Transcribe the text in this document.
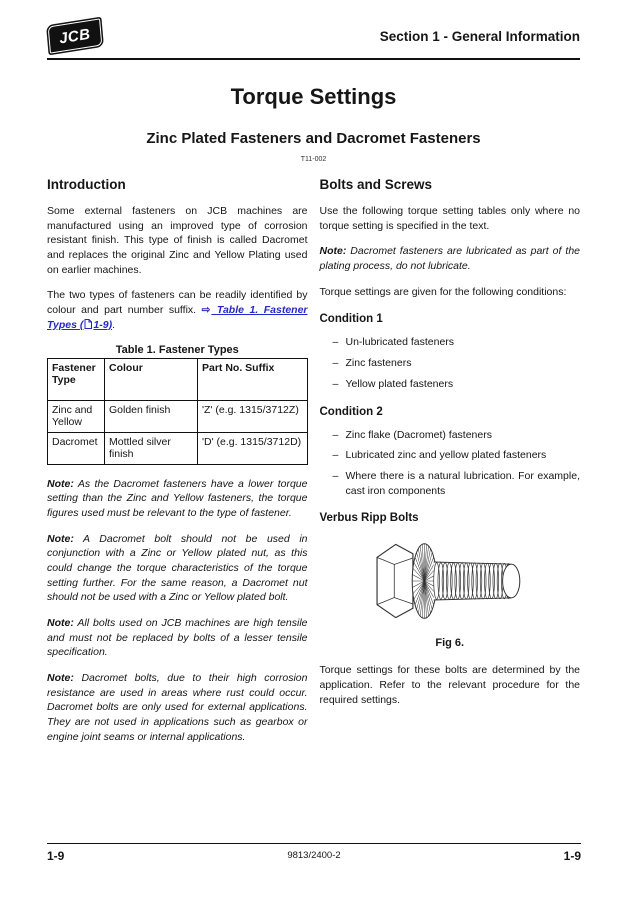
JCB	Section 1 - General Information
Torque Settings
Zinc Plated Fasteners and Dacromet Fasteners
T11-002
Introduction

Some external fasteners on JCB machines are manufactured using an improved type of corrosion resistant finish. This type of finish is called Dacromet and replaces the original Zinc and Yellow Plating used on earlier machines.

The two types of fasteners can be readily identified by colour and part number suffix. ⇨ Table 1. Fastener Types ( 1-9).

Table 1. Fastener Types
Fastener Type	Colour	Part No. Suffix
Zinc and Yellow	Golden finish	'Z' (e.g. 1315/3712Z)
Dacromet	Mottled silver finish	'D' (e.g. 1315/3712D)

Note: As the Dacromet fasteners have a lower torque setting than the Zinc and Yellow fasteners, the torque figures used must be relevant to the type of fastener.

Note: A Dacromet bolt should not be used in conjunction with a Zinc or Yellow plated nut, as this could change the torque characteristics of the torque setting further. For the same reason, a Dacromet nut should not be used with a Zinc or Yellow plated bolt.

Note: All bolts used on JCB machines are high tensile and must not be replaced by bolts of a lesser tensile specification.

Note: Dacromet bolts, due to their high corrosion resistance are used in areas where rust could occur. Dacromet bolts are only used for external applications. They are not used in applications such as gearbox or engine joint seams or internal applications.

Bolts and Screws

Use the following torque setting tables only where no torque setting is specified in the text.

Note: Dacromet fasteners are lubricated as part of the plating process, do not lubricate.

Torque settings are given for the following conditions:

Condition 1
– Un-lubricated fasteners
– Zinc fasteners
– Yellow plated fasteners
Condition 2
– Zinc flake (Dacromet) fasteners
– Lubricated zinc and yellow plated fasteners
– Where there is a natural lubrication. For example, cast iron components
Verbus Ripp Bolts
Fig 6.

Torque settings for these bolts are determined by the application. Refer to the relevant procedure for the required settings.

1-9	9813/2400-2	1-9
